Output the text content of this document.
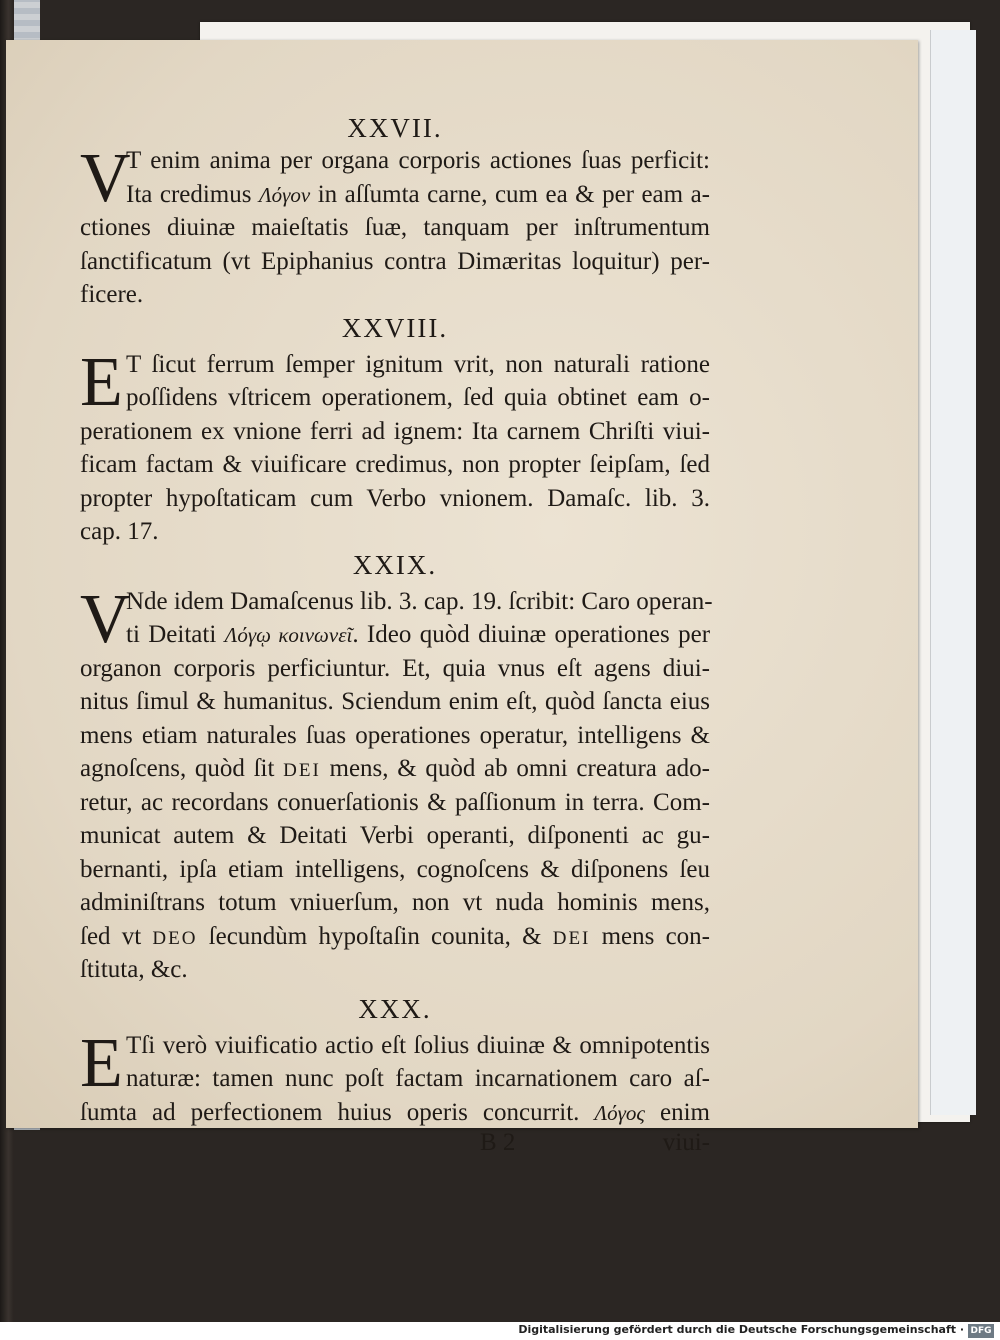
XXVII.
V
T enim anima per organa corporis actiones ſuas perficit:
Ita credimus Λόγον in aſſumta carne, cum ea & per eam a-
ctiones diuinæ maieſtatis ſuæ, tanquam per inſtrumentum
ſanctificatum (vt Epiphanius contra Dimæritas loquitur) per-
ficere.
XXVIII.
E T ſicut ferrum ſemper ignitum vrit, non naturali ratione
poſſidens vſtricem operationem, ſed quia obtinet eam o-
perationem ex vnione ferri ad ignem: Ita carnem Chriſti viui-
ficam factam & viuificare credimus, non propter ſeipſam, ſed
propter hypoſtaticam cum Verbo vnionem. Damaſc. lib. 3.
cap. 17.
XXIX.
V
Nde idem Damaſcenus lib. 3. cap. 19. ſcribit: Caro operan-
ti Deitati Λόγῳ κοινωνεῖ. Ideo quòd diuinæ operationes per
organon corporis perficiuntur. Et, quia vnus eſt agens diui-
nitus ſimul & humanitus. Sciendum enim eſt, quòd ſancta eius
mens etiam naturales ſuas operationes operatur, intelligens &
agnoſcens, quòd ſit DEI mens, & quòd ab omni creatura ado-
retur, ac recordans conuerſationis & paſſionum in terra. Com-
municat autem & Deitati Verbi operanti, diſponenti ac gu-
bernanti, ipſa etiam intelligens, cognoſcens & diſponens ſeu
adminiſtrans totum vniuerſum, non vt nuda hominis mens,
ſed vt DEO ſecundùm hypoſtaſin counita, & DEI mens con-
ſtituta, &c.
XXX.
E Tſi verò viuificatio actio eſt ſolius diuinæ & omnipotentis
naturæ: tamen nunc poſt factam incarnationem caro aſ-
ſumta ad perfectionem huius operis concurrit. Λόγος enim
B 2	viui-
Digitalisierung gefördert durch die Deutsche Forschungsgemeinschaft · DFG
